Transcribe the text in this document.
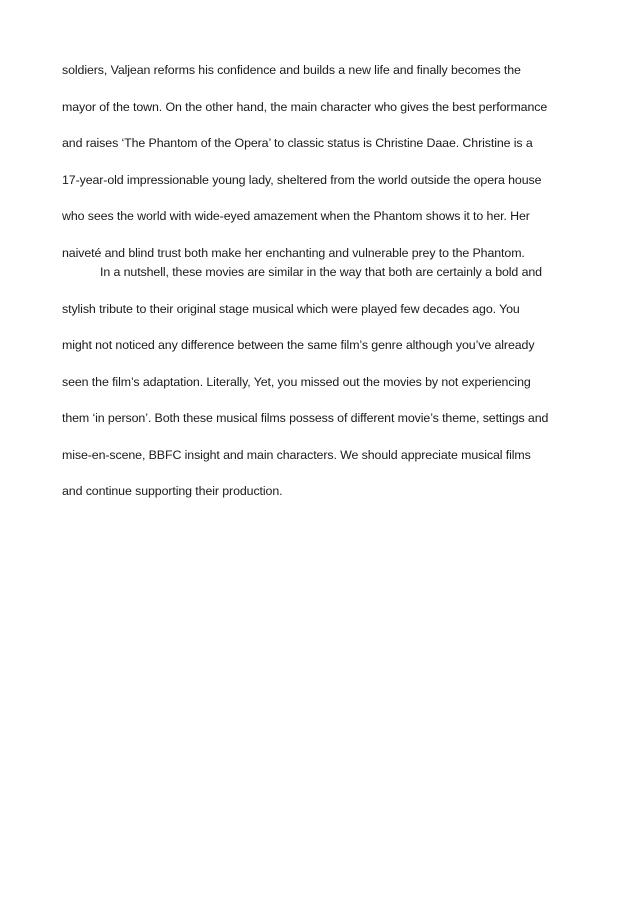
soldiers, Valjean reforms his confidence and builds a new life and finally becomes the
mayor of the town. On the other hand, the main character who gives the best performance
and raises ‘The Phantom of the Opera’ to classic status is Christine Daae. Christine is a
17-year-old impressionable young lady, sheltered from the world outside the opera house
who sees the world with wide-eyed amazement when the Phantom shows it to her. Her
naiveté and blind trust both make her enchanting and vulnerable prey to the Phantom.
In a nutshell, these movies are similar in the way that both are certainly a bold and
stylish tribute to their original stage musical which were played few decades ago. You
might not noticed any difference between the same film’s genre although you’ve already
seen the film’s adaptation. Literally, Yet, you missed out the movies by not experiencing
them ‘in person’. Both these musical films possess of different movie’s theme, settings and
mise-en-scene, BBFC insight and main characters. We should appreciate musical films
and continue supporting their production.
